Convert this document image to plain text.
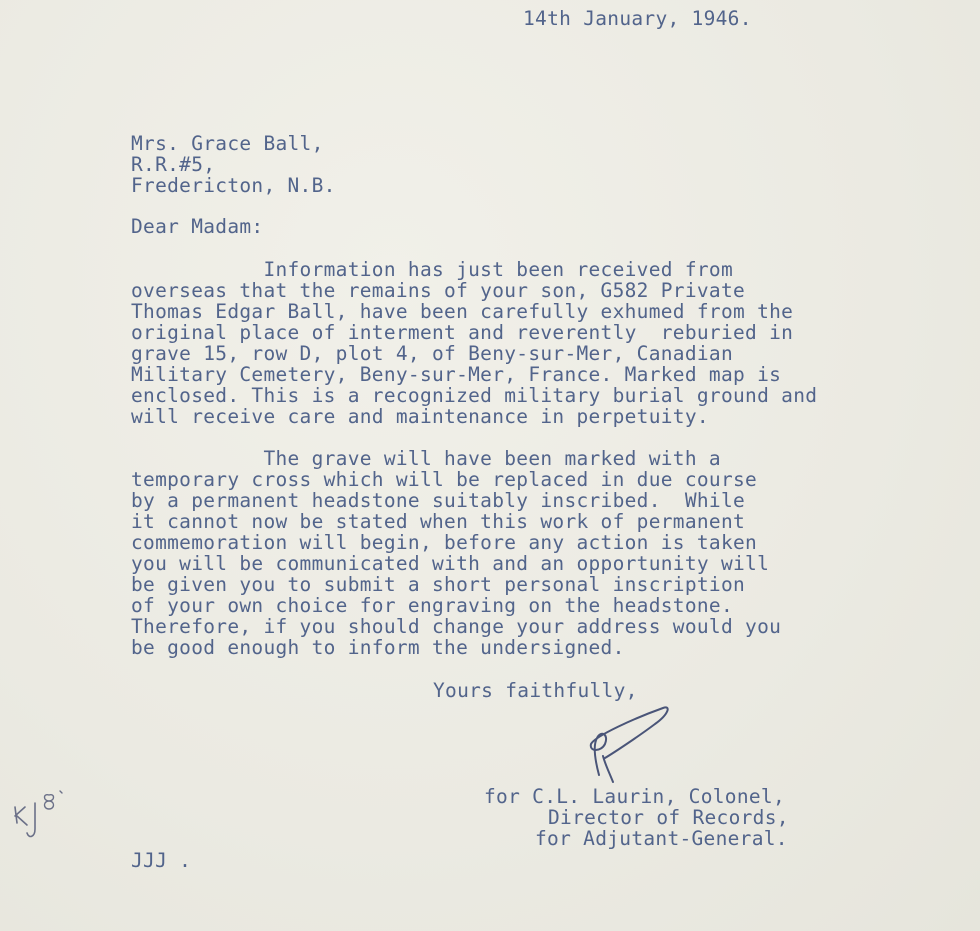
14th January, 1946.
Mrs. Grace Ball,
R.R.#5,
Fredericton, N.B.
Dear Madam:
Information has just been received from
overseas that the remains of your son, G582 Private
Thomas Edgar Ball, have been carefully exhumed from the
original place of interment and reverently  reburied in
grave 15, row D, plot 4, of Beny-sur-Mer, Canadian
Military Cemetery, Beny-sur-Mer, France. Marked map is
enclosed. This is a recognized military burial ground and
will receive care and maintenance in perpetuity.
The grave will have been marked with a
temporary cross which will be replaced in due course
by a permanent headstone suitably inscribed.  While
it cannot now be stated when this work of permanent
commemoration will begin, before any action is taken
you will be communicated with and an opportunity will
be given you to submit a short personal inscription
of your own choice for engraving on the headstone.
Therefore, if you should change your address would you
be good enough to inform the undersigned.
Yours faithfully,
for C.L. Laurin, Colonel,
Director of Records,
for Adjutant-General.
JJJ .
